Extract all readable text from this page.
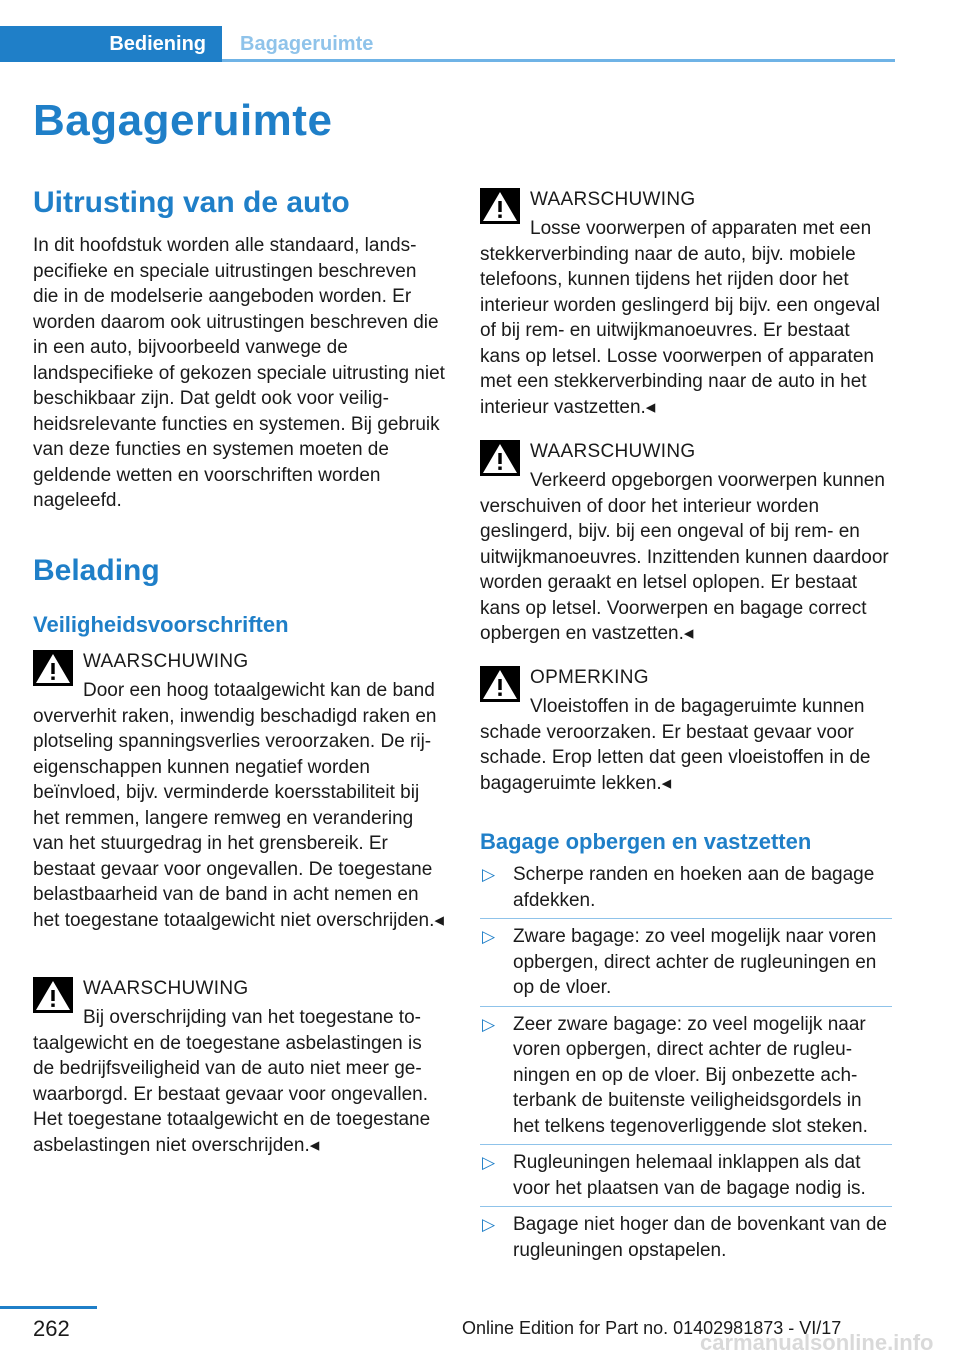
Bediening	Bagageruimte
Bagageruimte
Uitrusting van de auto
In dit hoofdstuk worden alle standaard, landspecifieke en speciale uitrustingen beschreven die in de modelserie aangeboden worden. Er worden daarom ook uitrustingen beschreven die in een auto, bijvoorbeeld vanwege de landspecifieke of gekozen speciale uitrusting niet beschikbaar zijn. Dat geldt ook voor veiligheidsrelevante functies en systemen. Bij gebruik van deze functies en systemen moeten de geldende wetten en voorschriften worden nageleefd.
Belading
Veiligheidsvoorschriften
WAARSCHUWING
Door een hoog totaalgewicht kan de band oververhit raken, inwendig beschadigd raken en plotseling spanningsverlies veroorzaken. De rij-eigenschappen kunnen negatief worden beïnvloed, bijv. verminderde koersstabiliteit bij het remmen, langere remweg en verandering van het stuurgedrag in het grensbereik. Er bestaat gevaar voor ongevallen. De toegestane belastbaarheid van de band in acht nemen en het toegestane totaalgewicht niet overschrijden.◂
WAARSCHUWING
Bij overschrijding van het toegestane totaalgewicht en de toegestane asbelastingen is de bedrijfsveiligheid van de auto niet meer gewaarborgd. Er bestaat gevaar voor ongevallen. Het toegestane totaalgewicht en de toegestane asbelastingen niet overschrijden.◂
WAARSCHUWING
Losse voorwerpen of apparaten met een stekkerverbinding naar de auto, bijv. mobiele telefoons, kunnen tijdens het rijden door het interieur worden geslingerd bij bijv. een ongeval of bij rem- en uitwijkmanoeuvres. Er bestaat kans op letsel. Losse voorwerpen of apparaten met een stekkerverbinding naar de auto in het interieur vastzetten.◂
WAARSCHUWING
Verkeerd opgeborgen voorwerpen kunnen verschuiven of door het interieur worden geslingerd, bijv. bij een ongeval of bij rem- en uitwijkmanoeuvres. Inzittenden kunnen daardoor worden geraakt en letsel oplopen. Er bestaat kans op letsel. Voorwerpen en bagage correct opbergen en vastzetten.◂
OPMERKING
Vloeistoffen in de bagageruimte kunnen schade veroorzaken. Er bestaat gevaar voor schade. Erop letten dat geen vloeistoffen in de bagageruimte lekken.◂
Bagage opbergen en vastzetten
▷ Scherpe randen en hoeken aan de bagage afdekken.
▷ Zware bagage: zo veel mogelijk naar voren opbergen, direct achter de rugleuningen en op de vloer.
▷ Zeer zware bagage: zo veel mogelijk naar voren opbergen, direct achter de rugleuningen en op de vloer. Bij onbezette achterbank de buitenste veiligheidsgordels in het telkens tegenoverliggende slot steken.
▷ Rugleuningen helemaal inklappen als dat voor het plaatsen van de bagage nodig is.
▷ Bagage niet hoger dan de bovenkant van de rugleuningen opstapelen.
262	Online Edition for Part no. 01402981873 - VI/17
carmanualsonline.info
